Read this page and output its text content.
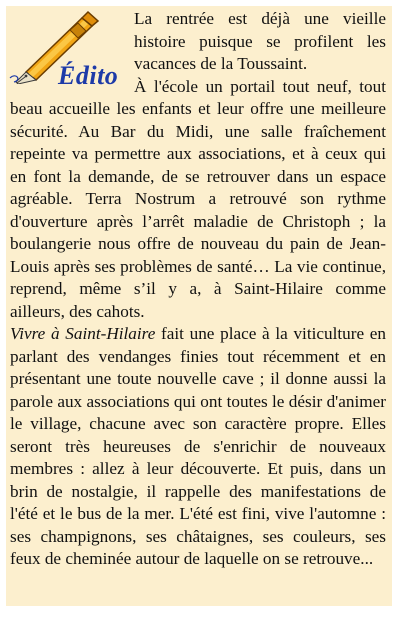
La rentrée est déjà une vieille histoire puisque se profilent les vacances de la Toussaint.

À l'école un portail tout neuf, tout beau accueille les enfants et leur offre une meilleure sécurité. Au Bar du Midi, une salle fraîchement repeinte va permettre aux associations, et à ceux qui en font la demande, de se retrouver dans un espace agréable. Terra Nostrum a retrouvé son rythme d'ouverture après l’arrêt maladie de Christoph ; la boulangerie nous offre de nouveau du pain de Jean-Louis après ses problèmes de santé… La vie continue, reprend, même s’il y a, à Saint-Hilaire comme ailleurs, des cahots.

Vivre à Saint-Hilaire fait une place à la viticulture en parlant des vendanges finies tout récemment et en présentant une toute nouvelle cave ; il donne aussi la parole aux associations qui ont toutes le désir d'animer le village, chacune avec son caractère propre. Elles seront très heureuses de s'enrichir de nouveaux membres : allez à leur découverte. Et puis, dans un brin de nostalgie, il rappelle des manifestations de l'été et le bus de la mer. L'été est fini, vive l'automne : ses champignons, ses châtaignes, ses couleurs, ses feux de cheminée autour de laquelle on se retrouve...

Édito
